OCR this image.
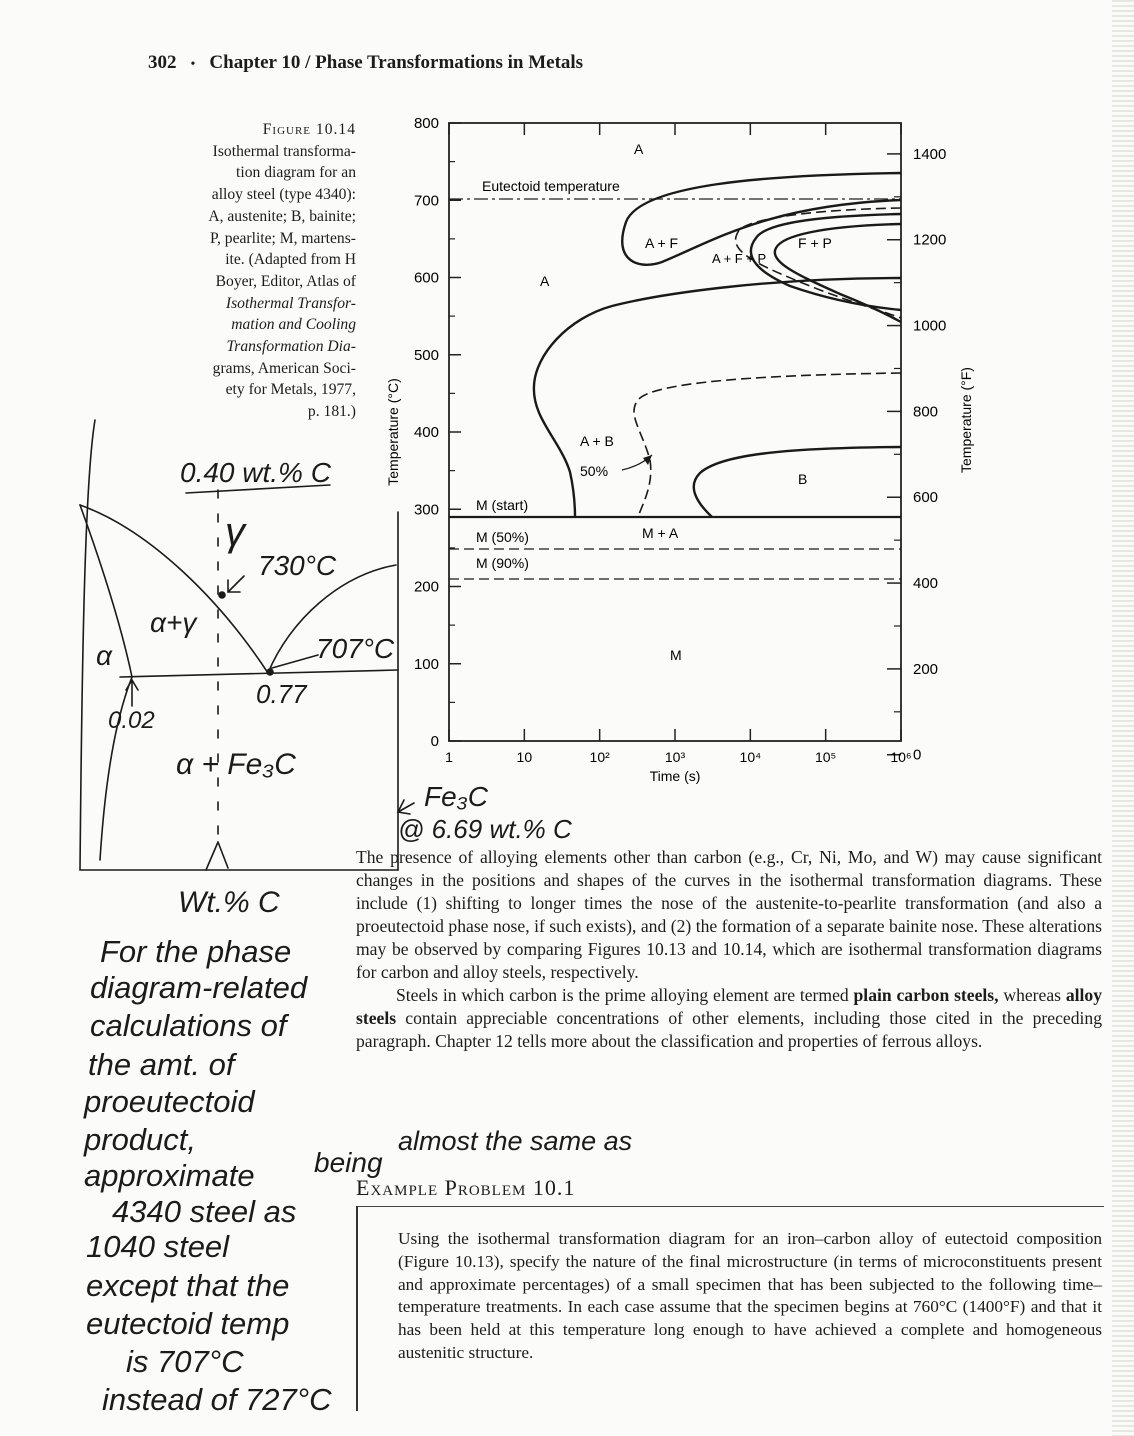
302 • Chapter 10 / Phase Transformations in Metals
Figure 10.14
Isothermal transforma-
tion diagram for an
alloy steel (type 4340):
A, austenite; B, bainite;
P, pearlite; M, martens-
ite. (Adapted from H
Boyer, Editor, Atlas of
Isothermal Transfor-
mation and Cooling
Transformation Dia-
grams, American Soci-
ety for Metals, 1977,
p. 181.)
0
100
200
300
400
500
600
700
800
0
200
400
600
800
1000
1200
1400
1	10	10²	10³	10⁴	10⁵	10⁶
Temperature (°C)	Temperature (°F)
Time (s)
Eutectoid temperature
M (start)
M (50%)
M (90%)
A
A
A + F
A + F + P
F + P
A + B
50%	B
M + A
M
0.40 wt.% C
γ
730°C
707°C
0.77
α+γ
α
0.02
α + Fe₃C
Fe₃C
@ 6.69 wt.% C
Wt.% C
For the phase
diagram-related
calculations of
the amt. of
proeutectoid
product,
approximate
4340 steel as
1040 steel
except that the
eutectoid temp
is 707°C
instead of 727°C
being
almost the same as

The presence of alloying elements other than carbon (e.g., Cr, Ni, Mo, and W) may cause significant changes in the positions and shapes of the curves in the isothermal transformation diagrams. These include (1) shifting to longer times the nose of the austenite-to-pearlite transformation (and also a proeutectoid phase nose, if such exists), and (2) the formation of a separate bainite nose. These alterations may be observed by comparing Figures 10.13 and 10.14, which are isothermal transformation diagrams for carbon and alloy steels, respectively.

Steels in which carbon is the prime alloying element are termed plain carbon steels, whereas alloy steels contain appreciable concentrations of other elements, including those cited in the preceding paragraph. Chapter 12 tells more about the classification and properties of ferrous alloys.

Example Problem 10.1
Using the isothermal transformation diagram for an iron–carbon alloy of eutectoid composition (Figure 10.13), specify the nature of the final microstructure (in terms of microconstituents present and approximate percentages) of a small specimen that has been subjected to the following time–temperature treatments. In each case assume that the specimen begins at 760°C (1400°F) and that it has been held at this temperature long enough to have achieved a complete and homogeneous austenitic structure.
